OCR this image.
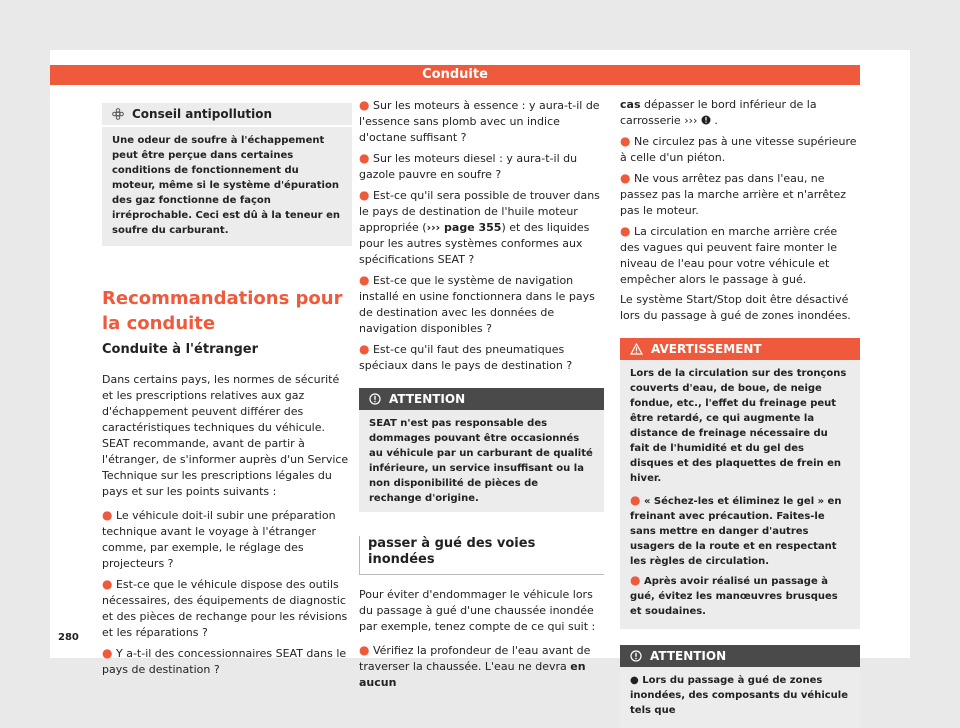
Conduite
Conseil antipollution
Une odeur de soufre à l'échappement peut être perçue dans certaines conditions de fonctionnement du moteur, même si le système d'épuration des gaz fonctionne de façon irréprochable. Ceci est dû à la teneur en soufre du carburant.
Recommandations pour la conduite
Conduite à l'étranger

Dans certains pays, les normes de sécurité et les prescriptions relatives aux gaz d'échappement peuvent différer des caractéristiques techniques du véhicule. SEAT recommande, avant de partir à l'étranger, de s'informer auprès d'un Service Technique sur les prescriptions légales du pays et sur les points suivants :

● Le véhicule doit-il subir une préparation technique avant le voyage à l'étranger comme, par exemple, le réglage des projecteurs ?

● Est-ce que le véhicule dispose des outils nécessaires, des équipements de diagnostic et des pièces de rechange pour les révisions et les réparations ?

● Y a-t-il des concessionnaires SEAT dans le pays de destination ?

● Sur les moteurs à essence : y aura-t-il de l'essence sans plomb avec un indice d'octane suffisant ?

● Sur les moteurs diesel : y aura-t-il du gazole pauvre en soufre ?

● Est-ce qu'il sera possible de trouver dans le pays de destination de l'huile moteur appropriée (››› page 355) et des liquides pour les autres systèmes conformes aux spécifications SEAT ?

● Est-ce que le système de navigation installé en usine fonctionnera dans le pays de destination avec les données de navigation disponibles ?

● Est-ce qu'il faut des pneumatiques spéciaux dans le pays de destination ?

ATTENTION
SEAT n'est pas responsable des dommages pouvant être occasionnés au véhicule par un carburant de qualité inférieure, un service insuffisant ou la non disponibilité de pièces de rechange d'origine.
passer à gué des voies inondées

Pour éviter d'endommager le véhicule lors du passage à gué d'une chaussée inondée par exemple, tenez compte de ce qui suit :

● Vérifiez la profondeur de l'eau avant de traverser la chaussée. L'eau ne devra en aucun

cas dépasser le bord inférieur de la carrosserie ››› .

● Ne circulez pas à une vitesse supérieure à celle d'un piéton.

● Ne vous arrêtez pas dans l'eau, ne passez pas la marche arrière et n'arrêtez pas le moteur.

● La circulation en marche arrière crée des vagues qui peuvent faire monter le niveau de l'eau pour votre véhicule et empêcher alors le passage à gué.

Le système Start/Stop doit être désactivé lors du passage à gué de zones inondées.

AVERTISSEMENT

Lors de la circulation sur des tronçons couverts d'eau, de boue, de neige fondue, etc., l'effet du freinage peut être retardé, ce qui augmente la distance de freinage nécessaire du fait de l'humidité et du gel des disques et des plaquettes de frein en hiver.

● « Séchez-les et éliminez le gel » en freinant avec précaution. Faites-le sans mettre en danger d'autres usagers de la route et en respectant les règles de circulation.

● Après avoir réalisé un passage à gué, évitez les manœuvres brusques et soudaines.

ATTENTION

● Lors du passage à gué de zones inondées, des composants du véhicule tels que

280
